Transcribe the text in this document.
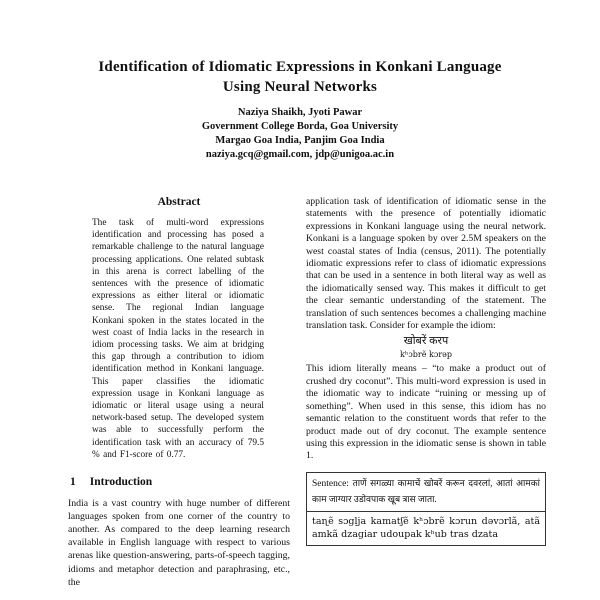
Identification of Idiomatic Expressions in Konkani Language
Using Neural Networks
Naziya Shaikh, Jyoti Pawar
Government College Borda, Goa University
Margao Goa India, Panjim Goa India
naziya.gcq@gmail.com, jdp@unigoa.ac.in
Abstract
The task of multi-word expressions identification and processing has posed a remarkable challenge to the natural language processing applications. One related subtask in this arena is correct labelling of the sentences with the presence of idiomatic expressions as either literal or idiomatic sense. The regional Indian language Konkani spoken in the states located in the west coast of India lacks in the research in idiom processing tasks. We aim at bridging this gap through a contribution to idiom identification method in Konkani language. This paper classifies the idiomatic expression usage in Konkani language as idiomatic or literal usage using a neural network-based setup. The developed system was able to successfully perform the identification task with an accuracy of 79.5 % and F1-score of 0.77.
1 Introduction
India is a vast country with huge number of different languages spoken from one corner of the country to another. As compared to the deep learning research available in English language with respect to various arenas like question-answering, parts-of-speech tagging, idioms and metaphor detection and paraphrasing, etc., the
application task of identification of idiomatic sense in the statements with the presence of potentially idiomatic expressions in Konkani language using the neural network. Konkani is a language spoken by over 2.5M speakers on the west coastal states of India (census, 2011). The potentially idiomatic expressions refer to class of idiomatic expressions that can be used in a sentence in both literal way as well as the idiomatically sensed way. This makes it difficult to get the clear semantic understanding of the statement. The translation of such sentences becomes a challenging machine translation task. Consider for example the idiom:
खोबरें करप
kʰɔbrẽ kɔrəp
This idiom literally means – “to make a product out of crushed dry coconut”. This multi-word expression is used in the idiomatic way to indicate “ruining or messing up of something”. When used in this sense, this idiom has no semantic relation to the constituent words that refer to the product made out of dry coconut. The example sentence using this expression in the idiomatic sense is shown in table 1.
Sentence: ताणें सगळ्या कामाचें खोबरें करून दवरलां, आतां आमकां काम जाग्यार उडोवपाक खूब त्रास जाता.
taɳẽ sɔgḷja kamatʃẽ kʰɔbrẽ kɔrun dəvɔrlã, atã amkã dzagiar udoupak kʰub tras dzata
